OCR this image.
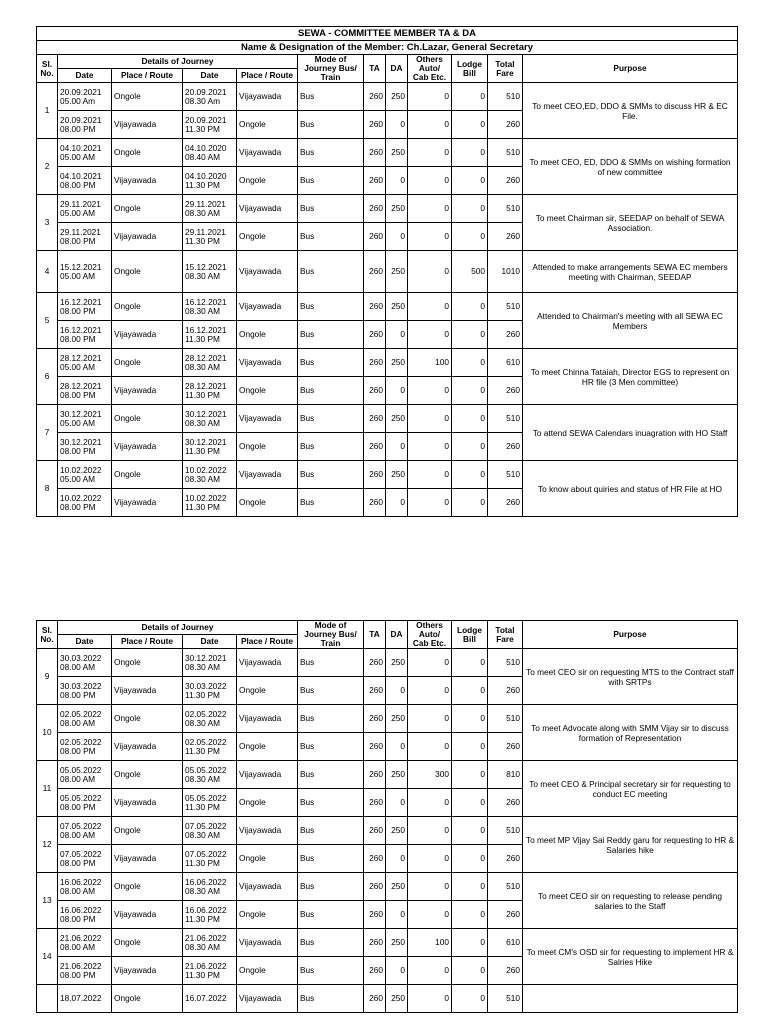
SEWA - COMMITTEE MEMBER TA & DA											
Name & Designation of the Member: Ch.Lazar, General Secretary											
Sl. No.	Details of Journey				Mode of Journey Bus/ Train	TA	DA	Others Auto/ Cab Etc.	Lodge Bill	Total Fare	Purpose
	Date	Place / Route	Date	Place / Route							
1	20.09.2021
05.00 Am	Ongole	20.09.2021
08.30 Am	Vijayawada	Bus	260	250	0	0	510	To meet CEO,ED, DDO & SMMs to discuss HR & EC File.
	20.09.2021
08.00 PM	Vijayawada	20.09.2021
11.30 PM	Ongole	Bus	260	0	0	0	260	
2	04.10.2021
05.00 AM	Ongole	04.10.2020
08.40 AM	Vijayawada	Bus	260	250	0	0	510	To meet CEO, ED, DDO & SMMs on wishing formation of new committee
	04.10.2021
08.00 PM	Vijayawada	04.10.2020
11.30 PM	Ongole	Bus	260	0	0	0	260	
3	29.11.2021
05.00 AM	Ongole	29.11.2021
08.30 AM	Vijayawada	Bus	260	250	0	0	510	To meet Chairman sir, SEEDAP on behalf of SEWA Association.
	29.11.2021
08.00 PM	Vijayawada	29.11.2021
11.30 PM	Ongole	Bus	260	0	0	0	260	
4	15.12.2021
05.00 AM	Ongole	15.12.2021
08.30 AM	Vijayawada	Bus	260	250	0	500	1010	Attended to make arrangements SEWA EC members meeting with Chairman, SEEDAP
5	16.12.2021
08.00 PM	Ongole	16.12.2021
08.30 AM	Vijayawada	Bus	260	250	0	0	510	Attended to Chairman's meeting with all SEWA EC Members
	16.12.2021
08.00 PM	Vijayawada	16.12.2021
11.30 PM	Ongole	Bus	260	0	0	0	260	
6	28.12.2021
05.00 AM	Ongole	28.12.2021
08.30 AM	Vijayawada	Bus	260	250	100	0	610	To meet Chinna Tataiah, Director EGS to represent on HR file (3 Men committee)
	28.12.2021
08.00 PM	Vijayawada	28.12.2021
11.30 PM	Ongole	Bus	260	0	0	0	260	
7	30.12.2021
05.00 AM	Ongole	30.12.2021
08.30 AM	Vijayawada	Bus	260	250	0	0	510	To attend SEWA Calendars inuagration with HO Staff
	30.12.2021
08.00 PM	Vijayawada	30.12.2021
11.30 PM	Ongole	Bus	260	0	0	0	260	
8	10.02.2022
05.00 AM	Ongole	10.02.2022
08.30 AM	Vijayawada	Bus	260	250	0	0	510	To know about quiries and status of HR File at HO
	10.02.2022
08.00 PM	Vijayawada	10.02.2022
11.30 PM	Ongole	Bus	260	0	0	0	260	
Sl. No.	Details of Journey				Mode of Journey Bus/ Train	TA	DA	Others Auto/ Cab Etc.	Lodge Bill	Total Fare	Purpose
	Date	Place / Route	Date	Place / Route							
9	30.03.2022
08.00 AM	Ongole	30.12.2021
08.30 AM	Vijayawada	Bus	260	250	0	0	510	To meet CEO sir on requesting MTS to the Contract staff with SRTPs
	30.03.2022
08.00 PM	Vijayawada	30.03.2022
11.30 PM	Ongole	Bus	260	0	0	0	260	
10	02.05.2022
08.00 AM	Ongole	02.05.2022
08.30 AM	Vijayawada	Bus	260	250	0	0	510	To meet Advocate along with SMM Vijay sir to discuss formation of Representation
	02.05.2022
08.00 PM	Vijayawada	02.05.2022
11.30 PM	Ongole	Bus	260	0	0	0	260	
11	05.05.2022
08.00 AM	Ongole	05.05.2022
08.30 AM	Vijayawada	Bus	260	250	300	0	810	To meet CEO & Principal secretary sir for requesting to conduct EC meeting
	05.05.2022
08.00 PM	Vijayawada	05.05.2022
11.30 PM	Ongole	Bus	260	0	0	0	260	
12	07.05.2022
08.00 AM	Ongole	07.05.2022
08.30 AM	Vijayawada	Bus	260	250	0	0	510	To meet MP Vijay Sai Reddy garu for requesting to HR & Salaries hike
	07.05.2022
08.00 PM	Vijayawada	07.05.2022
11.30 PM	Ongole	Bus	260	0	0	0	260	
13	16.06.2022
08.00 AM	Ongole	16.06.2022
08.30 AM	Vijayawada	Bus	260	250	0	0	510	To meet CEO sir on requesting to release pending salaries to the Staff
	16.06.2022
08.00 PM	Vijayawada	16.06.2022
11.30 PM	Ongole	Bus	260	0	0	0	260	
14	21.06.2022
08.00 AM	Ongole	21.06.2022
08.30 AM	Vijayawada	Bus	260	250	100	0	610	To meet CM's OSD sir for requesting to implement HR & Salries Hike
	21.06.2022
08.00 PM	Vijayawada	21.06.2022
11.30 PM	Ongole	Bus	260	0	0	0	260	
	18.07.2022	Ongole	16.07.2022	Vijayawada	Bus	260	250	0	0	510	
